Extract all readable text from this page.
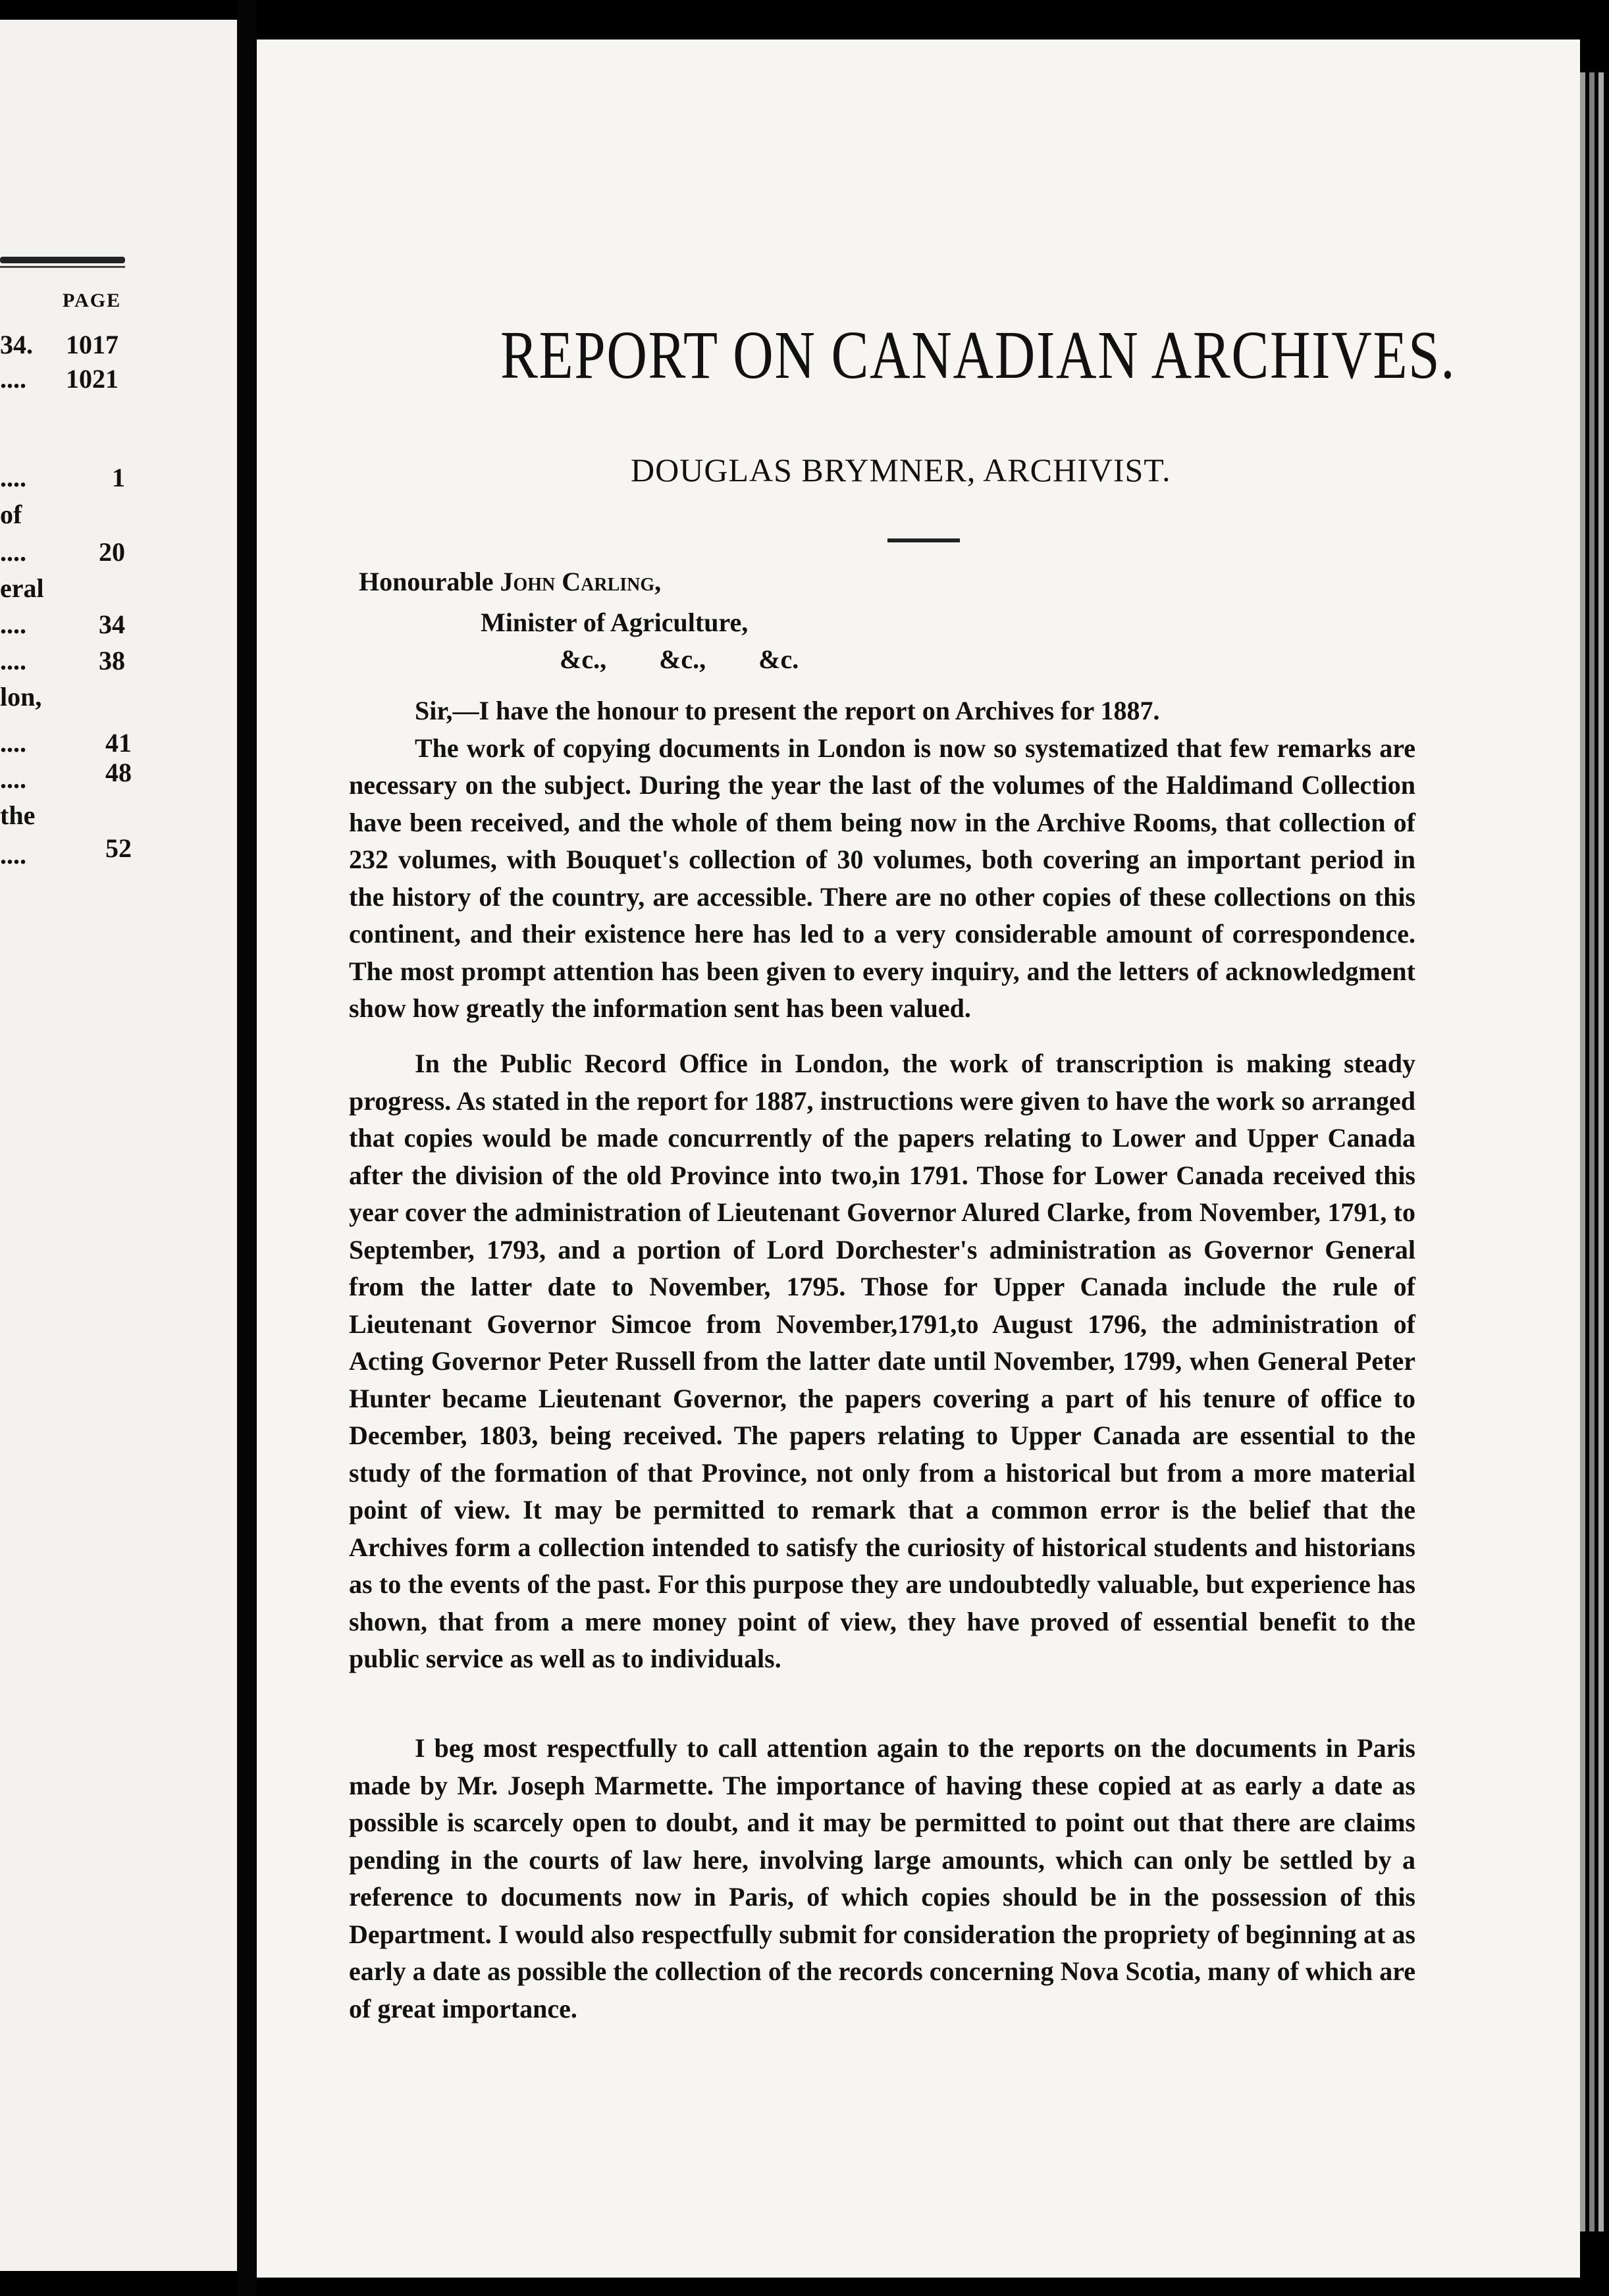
PAGE
34. 1017
.... 1021
....	1
of
....	20
eral
....	34
....	38
lon,
....	41
....	48
the
....	52
REPORT ON CANADIAN ARCHIVES.
DOUGLAS BRYMNER, ARCHIVIST.
Honourable John Carling,
Minister of Agriculture,
&c.,        &c.,        &c.

Sir,—I have the honour to present the report on Archives for 1887.

The work of copying documents in London is now so systematized that few remarks are necessary on the subject. During the year the last of the volumes of the Haldimand Collection have been received, and the whole of them being now in the Archive Rooms, that collection of 232 volumes, with Bouquet's collection of 30 volumes, both covering an important period in the history of the country, are accessible. There are no other copies of these collections on this continent, and their existence here has led to a very considerable amount of correspondence. The most prompt attention has been given to every inquiry, and the letters of acknowledgment show how greatly the information sent has been valued.

In the Public Record Office in London, the work of transcription is making steady progress. As stated in the report for 1887, instructions were given to have the work so arranged that copies would be made concurrently of the papers relating to Lower and Upper Canada after the division of the old Province into two,in 1791. Those for Lower Canada received this year cover the administration of Lieutenant Governor Alured Clarke, from November, 1791, to September, 1793, and a portion of Lord Dorchester's administration as Governor General from the latter date to November, 1795. Those for Upper Canada include the rule of Lieutenant Governor Simcoe from November,1791,to August 1796, the administration of Acting Governor Peter Russell from the latter date until November, 1799, when General Peter Hunter became Lieutenant Governor, the papers covering a part of his tenure of office to December, 1803, being received. The papers relating to Upper Canada are essential to the study of the formation of that Province, not only from a historical but from a more material point of view. It may be permitted to remark that a common error is the belief that the Archives form a collection intended to satisfy the curiosity of historical students and historians as to the events of the past. For this purpose they are undoubtedly valuable, but experience has shown, that from a mere money point of view, they have proved of essential benefit to the public service as well as to individuals.

I beg most respectfully to call attention again to the reports on the documents in Paris made by Mr. Joseph Marmette. The importance of having these copied at as early a date as possible is scarcely open to doubt, and it may be permitted to point out that there are claims pending in the courts of law here, involving large amounts, which can only be settled by a reference to documents now in Paris, of which copies should be in the possession of this Department. I would also respectfully submit for consideration the propriety of beginning at as early a date as possible the collection of the records concerning Nova Scotia, many of which are of great importance.
